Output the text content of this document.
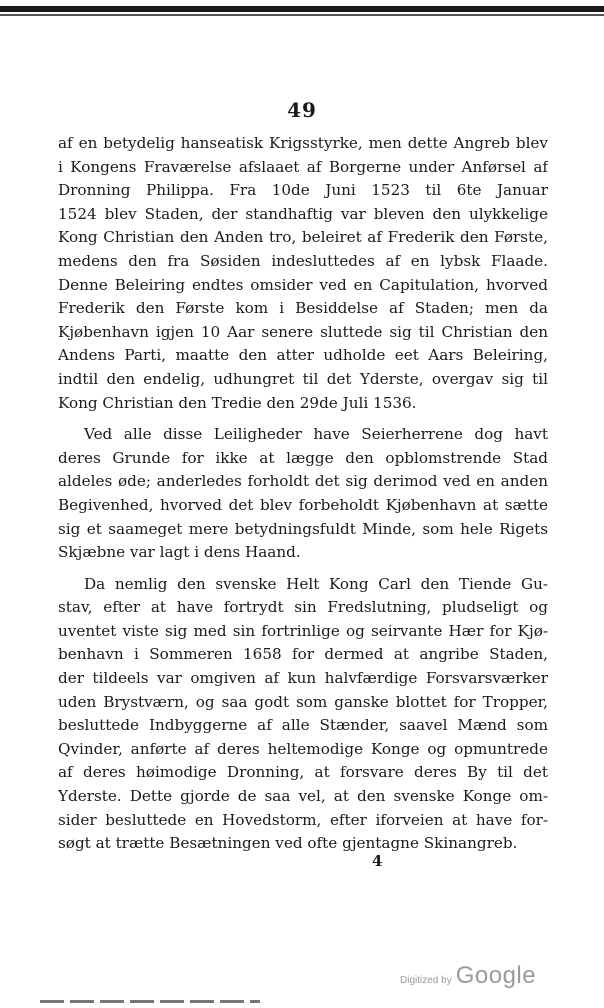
49
af en betydelig hanseatisk Krigsstyrke, men dette Angreb blev
i Kongens Fraværelse afslaaet af Borgerne under Anførsel af
Dronning Philippa. Fra 10de Juni 1523 til 6te Januar
1524 blev Staden, der standhaftig var bleven den ulykkelige
Kong Christian den Anden tro, beleiret af Frederik den Første,
medens den fra Søsiden indesluttedes af en lybsk Flaade.
Denne Beleiring endtes omsider ved en Capitulation, hvorved
Frederik den Første kom i Besiddelse af Staden; men da
Kjøbenhavn igjen 10 Aar senere sluttede sig til Christian den
Andens Parti, maatte den atter udholde eet Aars Beleiring,
indtil den endelig, udhungret til det Yderste, overgav sig til
Kong Christian den Tredie den 29de Juli 1536.
Ved alle disse Leiligheder have Seierherrene dog havt
deres Grunde for ikke at lægge den opblomstrende Stad
aldeles øde; anderledes forholdt det sig derimod ved en anden
Begivenhed, hvorved det blev forbeholdt Kjøbenhavn at sætte
sig et saameget mere betydningsfuldt Minde, som hele Rigets
Skjæbne var lagt i dens Haand.
Da nemlig den svenske Helt Kong Carl den Tiende Gu-
stav, efter at have fortrydt sin Fredslutning, pludseligt og
uventet viste sig med sin fortrinlige og seirvante Hær for Kjø-
benhavn i Sommeren 1658 for dermed at angribe Staden,
der tildeels var omgiven af kun halvfærdige Forsvarsværker
uden Brystværn, og saa godt som ganske blottet for Tropper,
besluttede Indbyggerne af alle Stænder, saavel Mænd som
Qvinder, anførte af deres heltemodige Konge og opmuntrede
af deres høimodige Dronning, at forsvare deres By til det
Yderste. Dette gjorde de saa vel, at den svenske Konge om-
sider besluttede en Hovedstorm, efter iforveien at have for-
søgt at trætte Besætningen ved ofte gjentagne Skinangreb.
4
Digitized by Google
